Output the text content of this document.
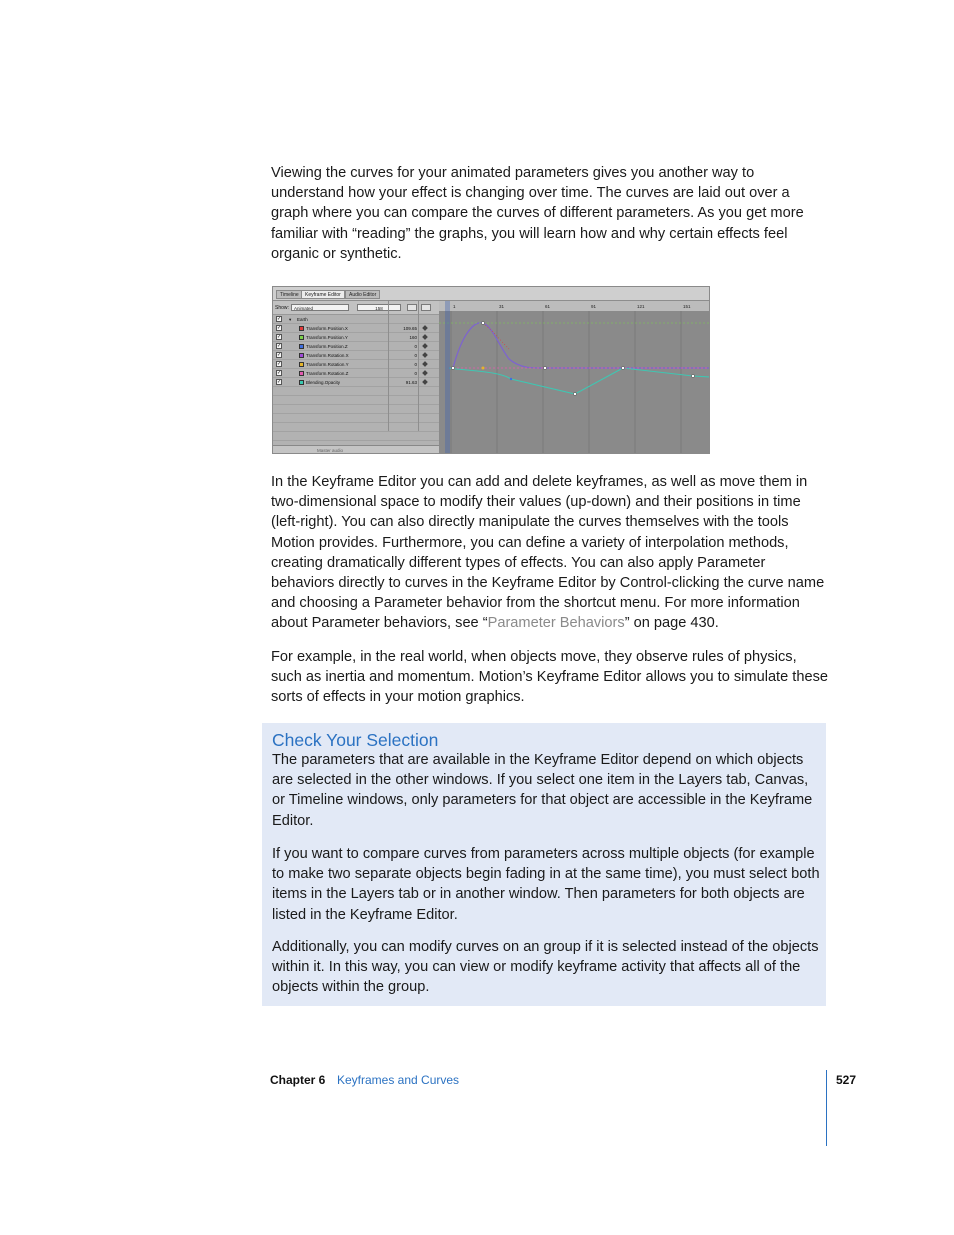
Viewing the curves for your animated parameters gives you another way to understand how your effect is changing over time. The curves are laid out over a graph where you can compare the curves of different parameters. As you get more familiar with “reading” the graphs, you will learn how and why certain effects feel organic or synthetic.

Timeline	Keyframe Editor	Audio Editor
Show:	Animated	158
✓ ▾ Earth
✓	Transform.Position.X	109.65
✓	Transform.Position.Y	160
✓	Transform.Position.Z	0
✓	Transform.Rotation.X	0
✓	Transform.Rotation.Y	0
✓	Transform.Rotation.Z	0
✓	Blending.Opacity	91.63
Master audio
1	31	61	91	121	151

In the Keyframe Editor you can add and delete keyframes, as well as move them in two-dimensional space to modify their values (up-down) and their positions in time (left-right). You can also directly manipulate the curves themselves with the tools Motion provides. Furthermore, you can define a variety of interpolation methods, creating dramatically different types of effects. You can also apply Parameter behaviors directly to curves in the Keyframe Editor by Control-clicking the curve name and choosing a Parameter behavior from the shortcut menu. For more information about Parameter behaviors, see “Parameter Behaviors” on page 430.

For example, in the real world, when objects move, they observe rules of physics, such as inertia and momentum. Motion’s Keyframe Editor allows you to simulate these sorts of effects in your motion graphics.

Check Your Selection

The parameters that are available in the Keyframe Editor depend on which objects are selected in the other windows. If you select one item in the Layers tab, Canvas, or Timeline windows, only parameters for that object are accessible in the Keyframe Editor.

If you want to compare curves from parameters across multiple objects (for example to make two separate objects begin fading in at the same time), you must select both items in the Layers tab or in another window. Then parameters for both objects are listed in the Keyframe Editor.

Additionally, you can modify curves on an group if it is selected instead of the objects within it. In this way, you can view or modify keyframe activity that affects all of the objects within the group.

Chapter 6 Keyframes and Curves	527
